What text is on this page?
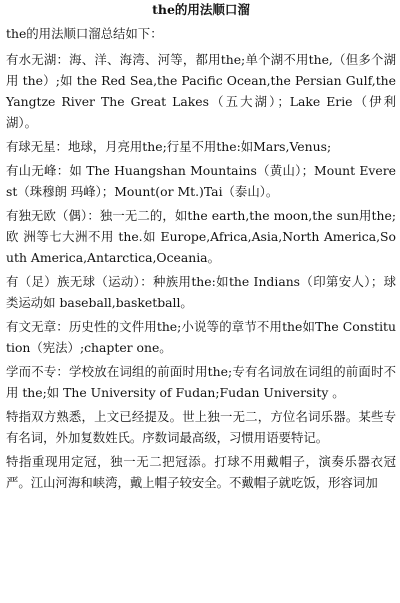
the的用法顺口溜

the的用法顺口溜总结如下：

有水无湖：海、洋、海湾、河等，都用the;单个湖不用the,（但多个湖用 the）;如 the Red Sea,the Pacific Ocean,the Persian Gulf,the Yangtze River The Great Lakes（五大湖）；Lake Erie（伊利湖）。

有球无星：地球，月亮用the;行星不用the:如Mars,Venus;

有山无峰：如 The Huangshan Mountains（黄山）；Mount Everest（珠穆朗 玛峰）；Mount(or Mt.)Tai（泰山）。

有独无欧（偶）：独一无二的，如the earth,the moon,the sun用the;欧 洲等七大洲不用 the.如 Europe,Africa,Asia,North America,South America,Antarctica,Oceania。

有（足）族无球（运动）：种族用the:如the Indians（印第安人）；球类运动如 baseball,basketball。

有文无章：历史性的文件用the;小说等的章节不用the如The Constitution（宪法）;chapter one。

学而不专：学校放在词组的前面时用the;专有名词放在词组的前面时不用 the;如 The University of Fudan;Fudan University 。

特指双方熟悉，上文已经提及。世上独一无二，方位名词乐器。某些专有名词，外加复数姓氏。序数词最高级，习惯用语要特记。

特指重现用定冠，独一无二把冠添。打球不用戴帽子，演奏乐器衣冠严。江山河海和峡湾，戴上帽子较安全。不戴帽子就吃饭，形容词加
